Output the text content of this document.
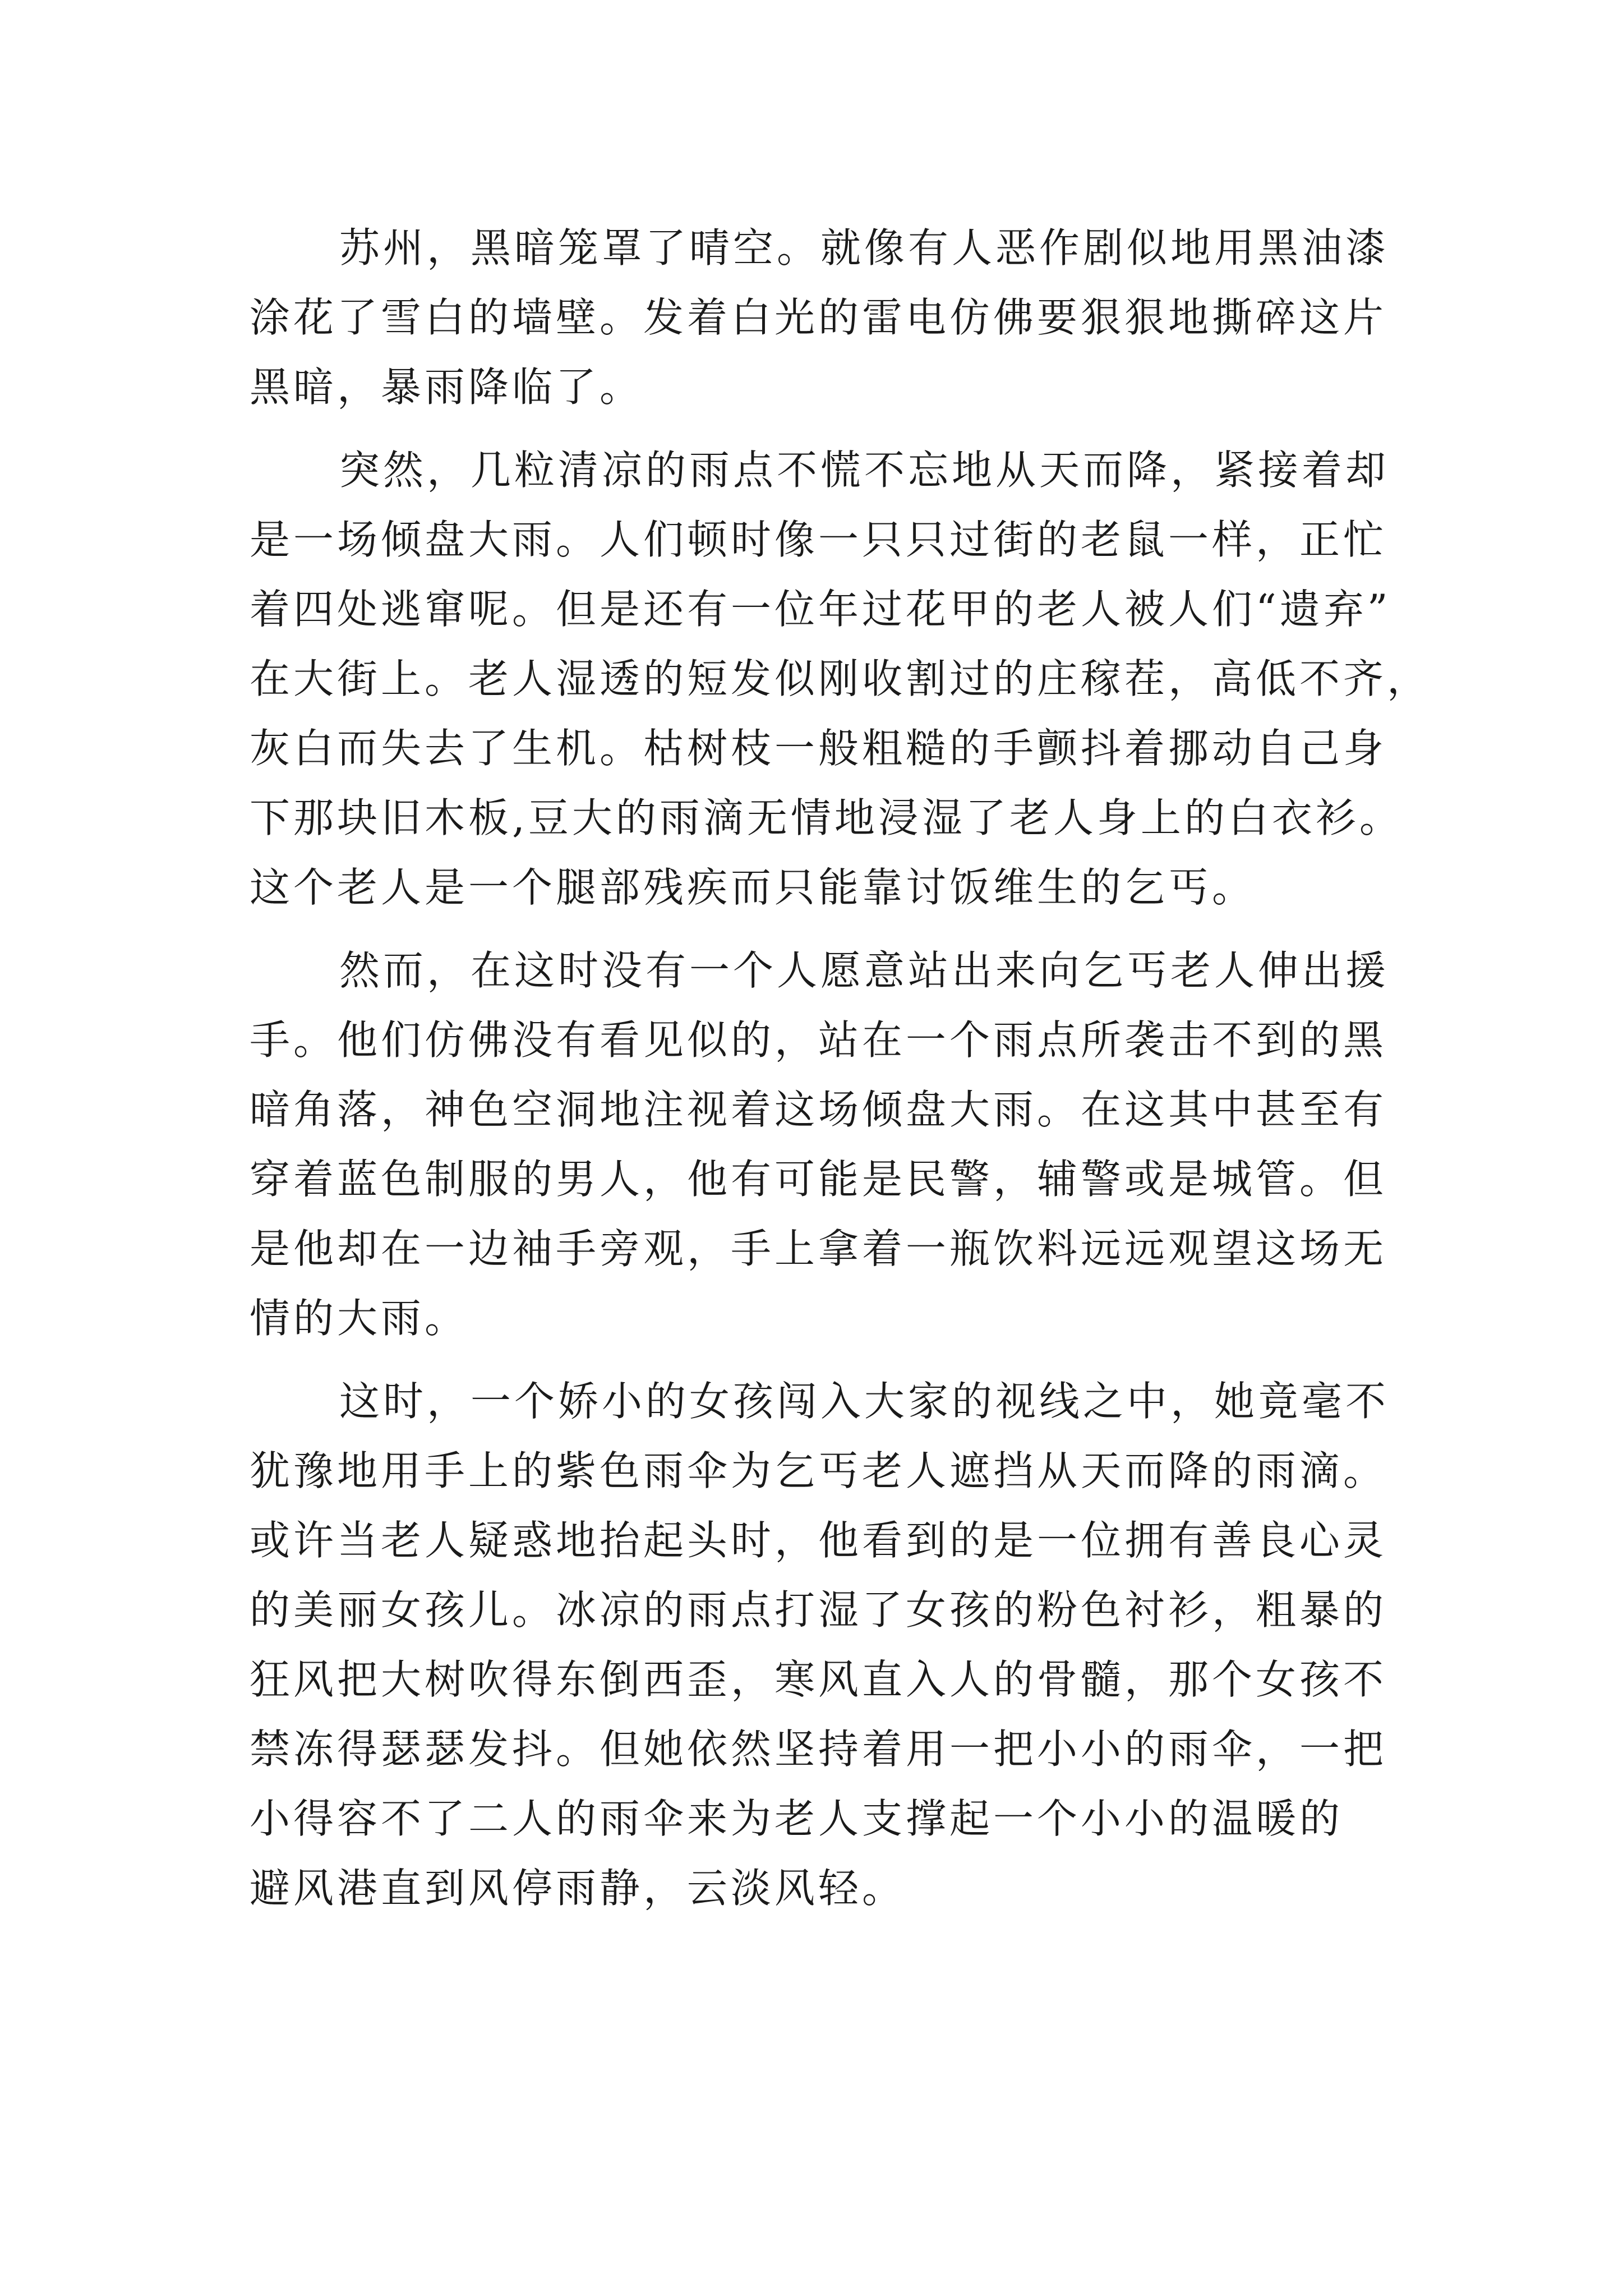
苏州，黑暗笼罩了晴空。就像有人恶作剧似地用黑油漆
涂花了雪白的墙壁。发着白光的雷电仿佛要狠狠地撕碎这片
黑暗，暴雨降临了。
突然，几粒清凉的雨点不慌不忘地从天而降，紧接着却
是一场倾盘大雨。人们顿时像一只只过街的老鼠一样，正忙
着四处逃窜呢。但是还有一位年过花甲的老人被人们“遗弃”
在大街上。老人湿透的短发似刚收割过的庄稼茬，高低不齐，
灰白而失去了生机。枯树枝一般粗糙的手颤抖着挪动自己身
下那块旧木板,豆大的雨滴无情地浸湿了老人身上的白衣衫。
这个老人是一个腿部残疾而只能靠讨饭维生的乞丐。
然而，在这时没有一个人愿意站出来向乞丐老人伸出援
手。他们仿佛没有看见似的，站在一个雨点所袭击不到的黑
暗角落，神色空洞地注视着这场倾盘大雨。在这其中甚至有
穿着蓝色制服的男人，他有可能是民警，辅警或是城管。但
是他却在一边袖手旁观，手上拿着一瓶饮料远远观望这场无
情的大雨。
这时，一个娇小的女孩闯入大家的视线之中，她竟毫不
犹豫地用手上的紫色雨伞为乞丐老人遮挡从天而降的雨滴。
或许当老人疑惑地抬起头时，他看到的是一位拥有善良心灵
的美丽女孩儿。冰凉的雨点打湿了女孩的粉色衬衫，粗暴的
狂风把大树吹得东倒西歪，寒风直入人的骨髓，那个女孩不
禁冻得瑟瑟发抖。但她依然坚持着用一把小小的雨伞，一把
小得容不了二人的雨伞来为老人支撑起一个小小的温暖的
避风港直到风停雨静，云淡风轻。
